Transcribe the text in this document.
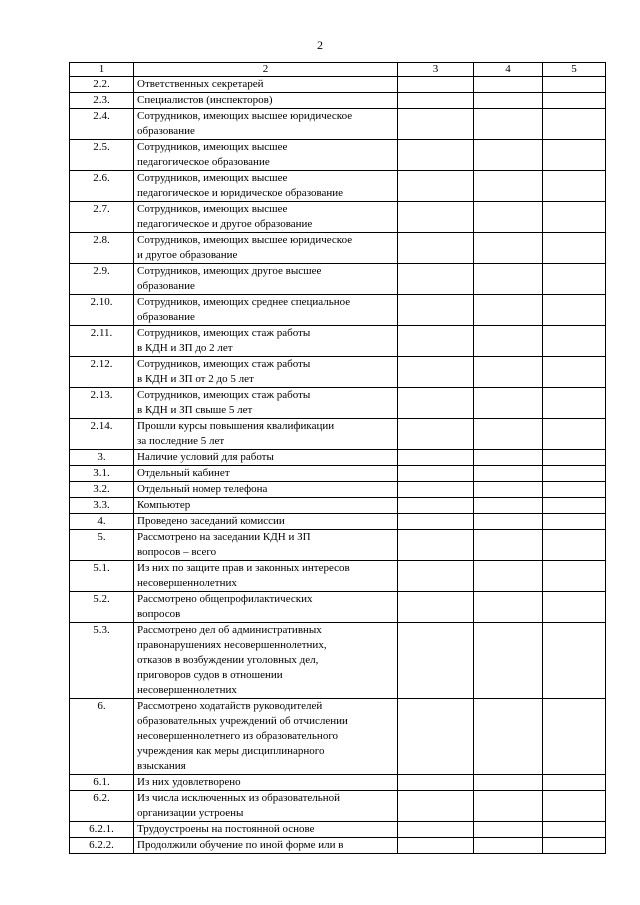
2
1	2	3	4	5
2.2.	Ответственных секретарей			
2.3.	Специалистов (инспекторов)			
2.4.	Сотрудников, имеющих высшее юридическое
образование			
2.5.	Сотрудников, имеющих высшее
педагогическое образование			
2.6.	Сотрудников, имеющих высшее
педагогическое и юридическое образование			
2.7.	Сотрудников, имеющих высшее
педагогическое и другое образование			
2.8.	Сотрудников, имеющих высшее юридическое
и другое образование			
2.9.	Сотрудников, имеющих другое высшее
образование			
2.10.	Сотрудников, имеющих среднее специальное
образование			
2.11.	Сотрудников, имеющих стаж работы
в КДН и ЗП до 2 лет			
2.12.	Сотрудников, имеющих стаж работы
в КДН и ЗП от 2 до 5 лет			
2.13.	Сотрудников, имеющих стаж работы
в КДН и ЗП свыше 5 лет			
2.14.	Прошли курсы повышения квалификации
за последние 5 лет			
3.	Наличие условий для работы			
3.1.	Отдельный кабинет			
3.2.	Отдельный номер телефона			
3.3.	Компьютер			
4.	Проведено заседаний комиссии			
5.	Рассмотрено на заседании КДН и ЗП
вопросов – всего			
5.1.	Из них по защите прав и законных интересов
несовершеннолетних			
5.2.	Рассмотрено общепрофилактических
вопросов			
5.3.	Рассмотрено дел об административных
правонарушениях несовершеннолетних,
отказов в возбуждении уголовных дел,
приговоров судов в отношении
несовершеннолетних			
6.	Рассмотрено ходатайств руководителей
образовательных учреждений об отчислении
несовершеннолетнего из образовательного
учреждения как меры дисциплинарного
взыскания			
6.1.	Из них удовлетворено			
6.2.	Из числа исключенных из образовательной
организации устроены			
6.2.1.	Трудоустроены на постоянной основе			
6.2.2.	Продолжили обучение по иной форме или в			
